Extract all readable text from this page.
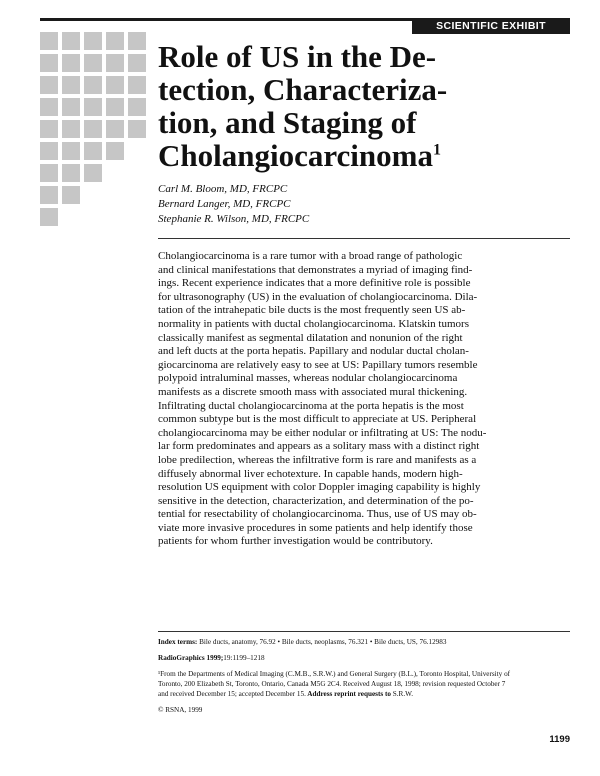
SCIENTIFIC EXHIBIT
Role of US in the De-
tection, Characteriza-
tion, and Staging of
Cholangiocarcinoma$^1$
Carl M. Bloom, MD, FRCPC
Bernard Langer, MD, FRCPC
Stephanie R. Wilson, MD, FRCPC
Cholangiocarcinoma is a rare tumor with a broad range of pathologic
and clinical manifestations that demonstrates a myriad of imaging find-
ings. Recent experience indicates that a more definitive role is possible
for ultrasonography (US) in the evaluation of cholangiocarcinoma. Dila-
tation of the intrahepatic bile ducts is the most frequently seen US ab-
normality in patients with ductal cholangiocarcinoma. Klatskin tumors
classically manifest as segmental dilatation and nonunion of the right
and left ducts at the porta hepatis. Papillary and nodular ductal cholan-
giocarcinoma are relatively easy to see at US: Papillary tumors resemble
polypoid intraluminal masses, whereas nodular cholangiocarcinoma
manifests as a discrete smooth mass with associated mural thickening.
Infiltrating ductal cholangiocarcinoma at the porta hepatis is the most
common subtype but is the most difficult to appreciate at US. Peripheral
cholangiocarcinoma may be either nodular or infiltrating at US: The nodu-
lar form predominates and appears as a solitary mass with a distinct right
lobe predilection, whereas the infiltrative form is rare and manifests as a
diffusely abnormal liver echotexture. In capable hands, modern high-
resolution US equipment with color Doppler imaging capability is highly
sensitive in the detection, characterization, and determination of the po-
tential for resectability of cholangiocarcinoma. Thus, use of US may ob-
viate more invasive procedures in some patients and help identify those
patients for whom further investigation would be contributory.
Index terms: Bile ducts, anatomy, 76.92 • Bile ducts, neoplasms, 76.321 • Bile ducts, US, 76.12983
RadioGraphics 1999;19:1199–1218
¹From the Departments of Medical Imaging (C.M.B., S.R.W.) and General Surgery (B.L.), Toronto Hospital, University of
Toronto, 200 Elizabeth St, Toronto, Ontario, Canada M5G 2C4. Received August 18, 1998; revision requested October 7
and received December 15; accepted December 15. Address reprint requests to S.R.W.
© RSNA, 1999
1199
